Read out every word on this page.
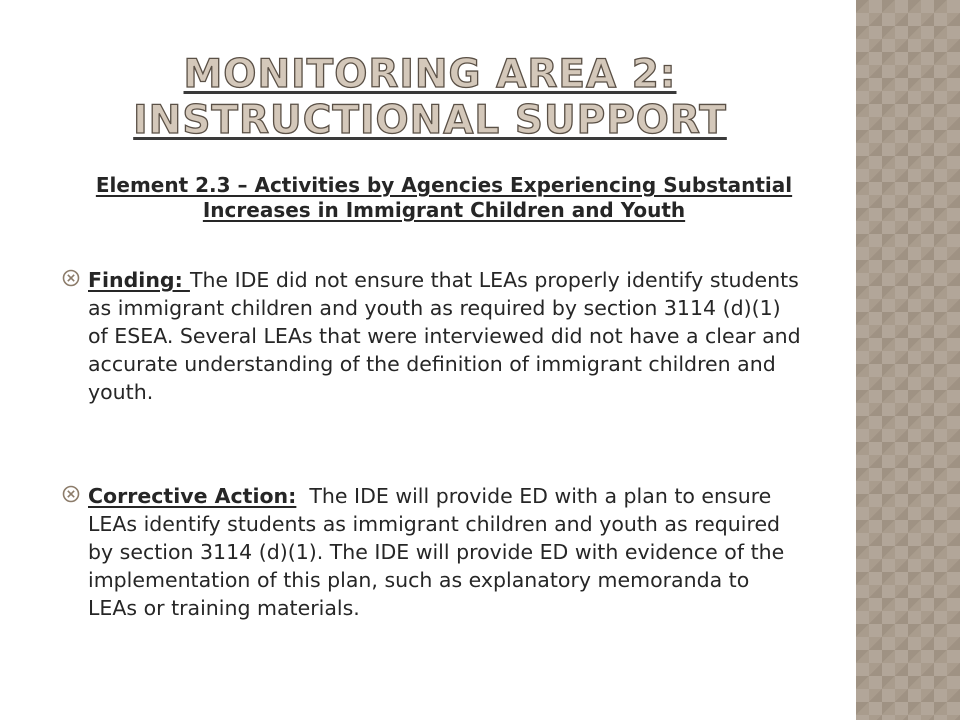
MONITORING AREA 2: INSTRUCTIONAL SUPPORT
Element 2.3 – Activities by Agencies Experiencing Substantial Increases in Immigrant Children and Youth
Finding: The IDE did not ensure that LEAs properly identify students as immigrant children and youth as required by section 3114 (d)(1) of ESEA. Several LEAs that were interviewed did not have a clear and accurate understanding of the definition of immigrant children and youth.
Corrective Action:  The IDE will provide ED with a plan to ensure LEAs identify students as immigrant children and youth as required by section 3114 (d)(1). The IDE will provide ED with evidence of the implementation of this plan, such as explanatory memoranda to LEAs or training materials.
